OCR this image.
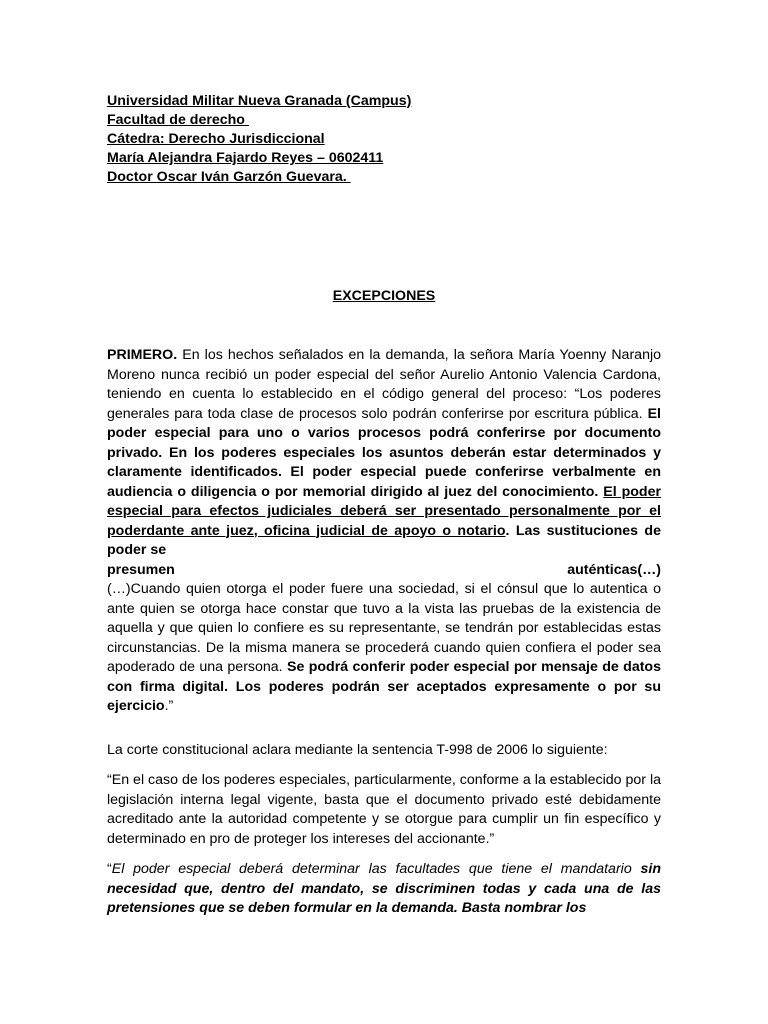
Universidad Militar Nueva Granada (Campus)
Facultad de derecho
Cátedra: Derecho Jurisdiccional
María Alejandra Fajardo Reyes – 0602411
Doctor Oscar Iván Garzón Guevara.
EXCEPCIONES

PRIMERO. En los hechos señalados en la demanda, la señora María Yoenny Naranjo Moreno nunca recibió un poder especial del señor Aurelio Antonio Valencia Cardona, teniendo en cuenta lo establecido en el código general del proceso: “Los poderes generales para toda clase de procesos solo podrán conferirse por escritura pública. El poder especial para uno o varios procesos podrá conferirse por documento privado. En los poderes especiales los asuntos deberán estar determinados y claramente identificados. El poder especial puede conferirse verbalmente en audiencia o diligencia o por memorial dirigido al juez del conocimiento. El poder especial para efectos judiciales deberá ser presentado personalmente por el poderdante ante juez, oficina judicial de apoyo o notario. Las sustituciones de poder se

presumen	auténticas(…)

(…)Cuando quien otorga el poder fuere una sociedad, si el cónsul que lo autentica o ante quien se otorga hace constar que tuvo a la vista las pruebas de la existencia de aquella y que quien lo confiere es su representante, se tendrán por establecidas estas circunstancias. De la misma manera se procederá cuando quien confiera el poder sea apoderado de una persona. Se podrá conferir poder especial por mensaje de datos con firma digital. Los poderes podrán ser aceptados expresamente o por su ejercicio.”

La corte constitucional aclara mediante la sentencia T-998 de 2006 lo siguiente:

“En el caso de los poderes especiales, particularmente, conforme a la establecido por la legislación interna legal vigente, basta que el documento privado esté debidamente acreditado ante la autoridad competente y se otorgue para cumplir un fin específico y determinado en pro de proteger los intereses del accionante.”

“El poder especial deberá determinar las facultades que tiene el mandatario sin necesidad que, dentro del mandato, se discriminen todas y cada una de las pretensiones que se deben formular en la demanda. Basta nombrar los
